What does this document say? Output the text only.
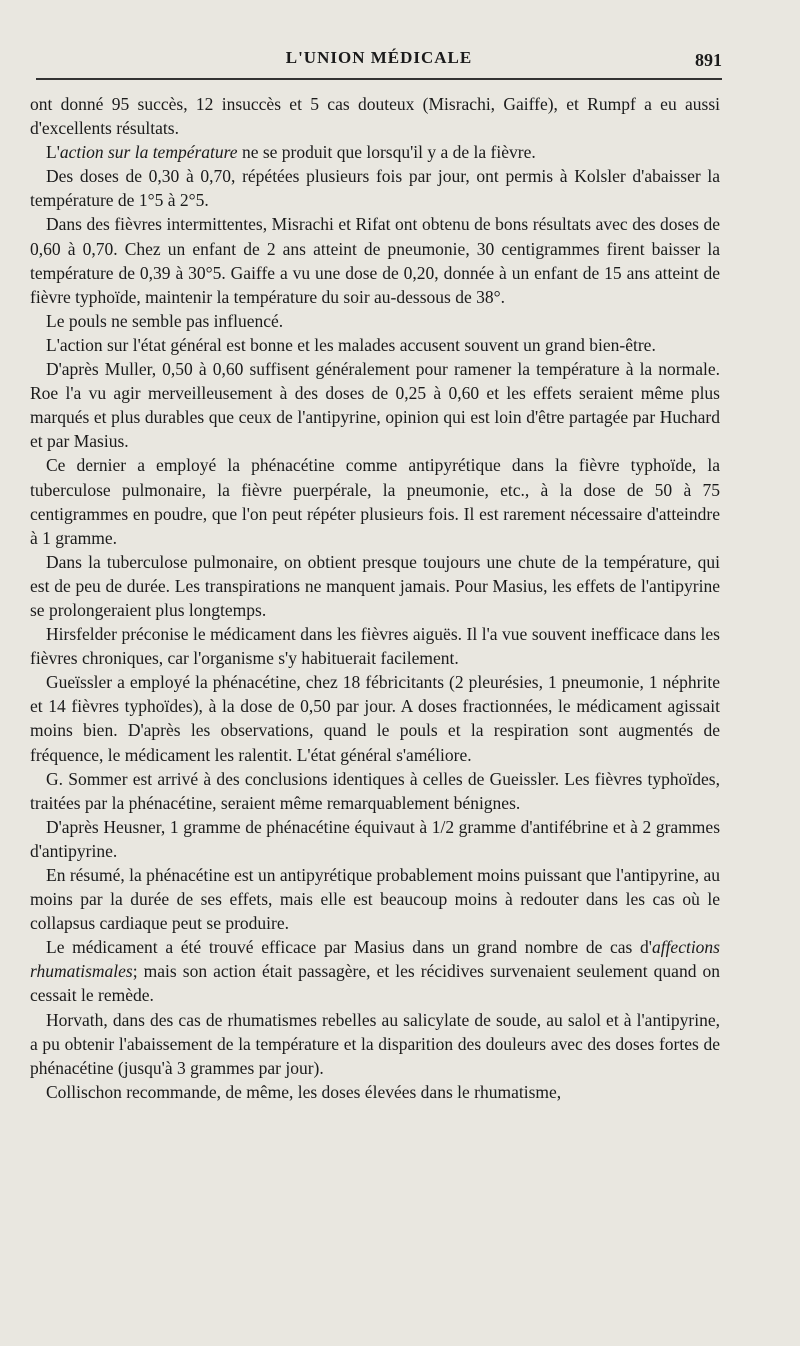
L'UNION MÉDICALE	891

ont donné 95 succès, 12 insuccès et 5 cas douteux (Misrachi, Gaiffe), et Rumpf a eu aussi d'excellents résultats.

L'action sur la température ne se produit que lorsqu'il y a de la fièvre.

Des doses de 0,30 à 0,70, répétées plusieurs fois par jour, ont permis à Kolsler d'abaisser la température de 1°5 à 2°5.

Dans des fièvres intermittentes, Misrachi et Rifat ont obtenu de bons résultats avec des doses de 0,60 à 0,70. Chez un enfant de 2 ans atteint de pneumonie, 30 centigrammes firent baisser la température de 0,39 à 30°5. Gaiffe a vu une dose de 0,20, donnée à un enfant de 15 ans atteint de fièvre typhoïde, maintenir la température du soir au-dessous de 38°.

Le pouls ne semble pas influencé.

L'action sur l'état général est bonne et les malades accusent souvent un grand bien-être.

D'après Muller, 0,50 à 0,60 suffisent généralement pour ramener la température à la normale. Roe l'a vu agir merveilleusement à des doses de 0,25 à 0,60 et les effets seraient même plus marqués et plus durables que ceux de l'antipyrine, opinion qui est loin d'être partagée par Huchard et par Masius.

Ce dernier a employé la phénacétine comme antipyrétique dans la fièvre typhoïde, la tuberculose pulmonaire, la fièvre puerpérale, la pneumonie, etc., à la dose de 50 à 75 centigrammes en poudre, que l'on peut répéter plusieurs fois. Il est rarement nécessaire d'atteindre à 1 gramme.

Dans la tuberculose pulmonaire, on obtient presque toujours une chute de la température, qui est de peu de durée. Les transpirations ne manquent jamais. Pour Masius, les effets de l'antipyrine se prolongeraient plus longtemps.

Hirsfelder préconise le médicament dans les fièvres aiguës. Il l'a vue souvent inefficace dans les fièvres chroniques, car l'organisme s'y habituerait facilement.

Gueïssler a employé la phénacétine, chez 18 fébricitants (2 pleurésies, 1 pneumonie, 1 néphrite et 14 fièvres typhoïdes), à la dose de 0,50 par jour. A doses fractionnées, le médicament agissait moins bien. D'après les observations, quand le pouls et la respiration sont augmentés de fréquence, le médicament les ralentit. L'état général s'améliore.

G. Sommer est arrivé à des conclusions identiques à celles de Gueissler. Les fièvres typhoïdes, traitées par la phénacétine, seraient même remarquablement bénignes.

D'après Heusner, 1 gramme de phénacétine équivaut à 1/2 gramme d'antifébrine et à 2 grammes d'antipyrine.

En résumé, la phénacétine est un antipyrétique probablement moins puissant que l'antipyrine, au moins par la durée de ses effets, mais elle est beaucoup moins à redouter dans les cas où le collapsus cardiaque peut se produire.

Le médicament a été trouvé efficace par Masius dans un grand nombre de cas d'affections rhumatismales; mais son action était passagère, et les récidives survenaient seulement quand on cessait le remède.

Horvath, dans des cas de rhumatismes rebelles au salicylate de soude, au salol et à l'antipyrine, a pu obtenir l'abaissement de la température et la disparition des douleurs avec des doses fortes de phénacétine (jusqu'à 3 grammes par jour).

Collischon recommande, de même, les doses élevées dans le rhumatisme,
